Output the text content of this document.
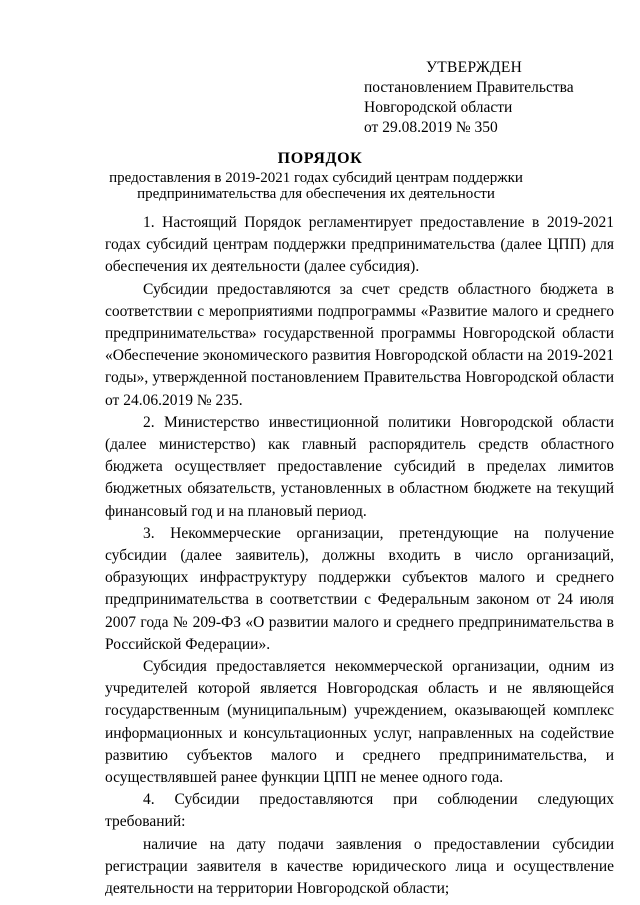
УТВЕРЖДЕН
постановлением Правительства
Новгородской области
от 29.08.2019 № 350
ПОРЯДОК
предоставления в 2019-2021 годах субсидий центрам поддержки предпринимательства для обеспечения их деятельности

1. Настоящий Порядок регламентирует предоставление в 2019-2021 годах субсидий центрам поддержки предпринимательства (далее ЦПП) для обеспечения их деятельности (далее субсидия).

Субсидии предоставляются за счет средств областного бюджета в соответствии с мероприятиями подпрограммы «Развитие малого и среднего предпринимательства» государственной программы Новгородской области «Обеспечение экономического развития Новгородской области на 2019-2021 годы», утвержденной постановлением Правительства Новгородской области от 24.06.2019 № 235.

2. Министерство инвестиционной политики Новгородской области (далее министерство) как главный распорядитель средств областного бюджета осуществляет предоставление субсидий в пределах лимитов бюджетных обязательств, установленных в областном бюджете на текущий финансовый год и на плановый период.

3. Некоммерческие организации, претендующие на получение субсидии (далее заявитель), должны входить в число организаций, образующих инфраструктуру поддержки субъектов малого и среднего предпринимательства в соответствии с Федеральным законом от 24 июля 2007 года № 209-ФЗ «О развитии малого и среднего предпринимательства в Российской Федерации».

Субсидия предоставляется некоммерческой организации, одним из учредителей которой является Новгородская область и не являющейся государственным (муниципальным) учреждением, оказывающей комплекс информационных и консультационных услуг, направленных на содействие развитию субъектов малого и среднего предпринимательства, и осуществлявшей ранее функции ЦПП не менее одного года.

4. Субсидии предоставляются при соблюдении следующих требований:

наличие на дату подачи заявления о предоставлении субсидии регистрации заявителя в качестве юридического лица и осуществление деятельности на территории Новгородской области;
